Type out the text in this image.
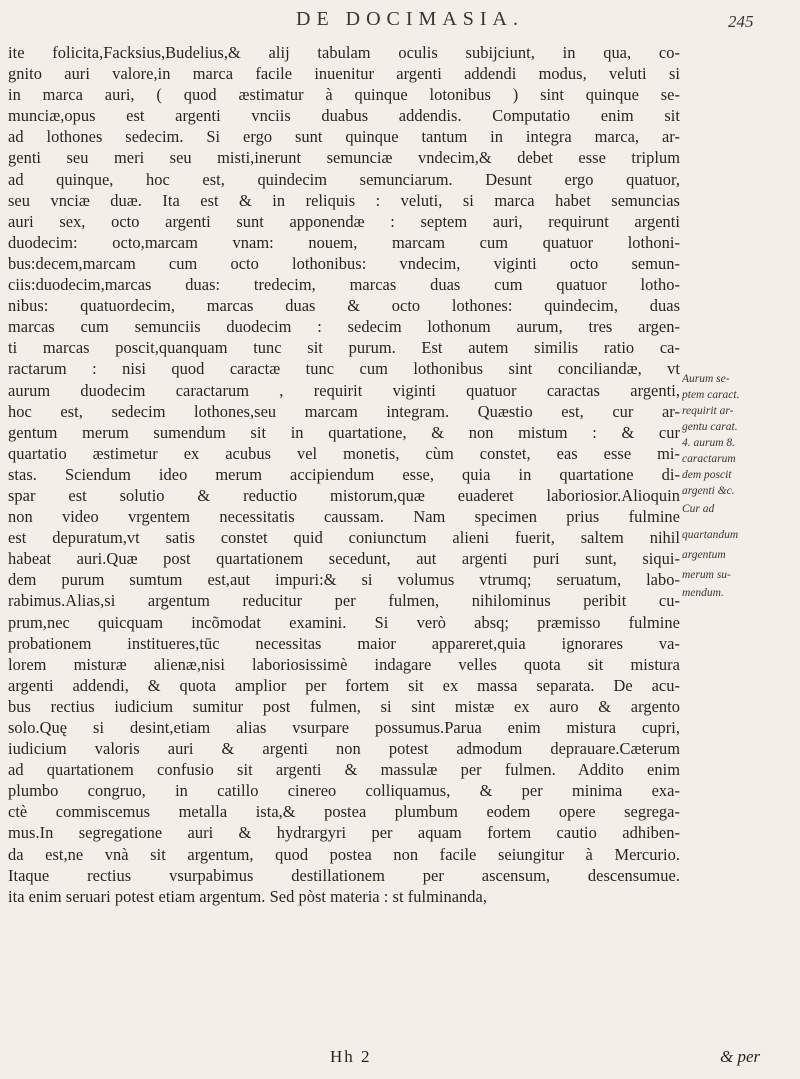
DE DOCIMASIA.	245
ite folicita,Facksius,Budelius,& alij tabulam oculis subijciunt, in qua, co-
gnito auri valore,in marca facile inuenitur argenti addendi modus, veluti si
in marca auri, ( quod æstimatur à quinque lotonibus ) sint quinque se-
munciæ,opus est argenti vnciis duabus addendis. Computatio enim sit
ad lothones sedecim. Si ergo sunt quinque tantum in integra marca, ar-
genti seu meri seu misti,inerunt semunciæ vndecim,& debet esse triplum
ad quinque, hoc est, quindecim semunciarum. Desunt ergo quatuor,
seu vnciæ duæ. Ita est & in reliquis : veluti, si marca habet semuncias
auri sex, octo argenti sunt apponendæ : septem auri, requirunt argenti
duodecim: octo,marcam vnam: nouem, marcam cum quatuor lothoni-
bus:decem,marcam cum octo lothonibus: vndecim, viginti octo semun-
ciis:duodecim,marcas duas: tredecim, marcas duas cum quatuor lotho-
nibus: quatuordecim, marcas duas & octo lothones: quindecim, duas
marcas cum semunciis duodecim : sedecim lothonum aurum, tres argen-
ti marcas poscit,quanquam tunc sit purum. Est autem similis ratio ca-
ractarum : nisi quod caractæ tunc cum lothonibus sint conciliandæ, vt
aurum duodecim caractarum , requirit viginti quatuor caractas argenti,
hoc est, sedecim lothones,seu marcam integram. Quæstio est, cur ar-
gentum merum sumendum sit in quartatione, & non mistum : & cur
quartatio æstimetur ex acubus vel monetis, cùm constet, eas esse mi-
stas. Sciendum ideo merum accipiendum esse, quia in quartatione di-
spar est solutio & reductio mistorum,quæ euaderet laboriosior.Alioquin
non video vrgentem necessitatis caussam. Nam specimen prius fulmine
est depuratum,vt satis constet quid coniunctum alieni fuerit, saltem nihil
habeat auri.Quæ post quartationem secedunt, aut argenti puri sunt, siqui-
dem purum sumtum est,aut impuri:& si volumus vtrumq; seruatum, labo-
rabimus.Alias,si argentum reducitur per fulmen, nihilominus peribit cu-
prum,nec quicquam incõmodat examini. Si verò absq; præmisso fulmine
probationem institueres,tūc necessitas maior appareret,quia ignorares va-
lorem misturæ alienæ,nisi laboriosissimè indagare velles quota sit mistura
argenti addendi, & quota amplior per fortem sit ex massa separata. De acu-
bus rectius iudicium sumitur post fulmen, si sint mistæ ex auro & argento
solo.Quę si desint,etiam alias vsurpare possumus.Parua enim mistura cupri,
iudicium valoris auri & argenti non potest admodum deprauare.Cæterum
ad quartationem confusio sit argenti & massulæ per fulmen. Addito enim
plumbo congruo, in catillo cinereo colliquamus, & per minima exa-
ctè commiscemus metalla ista,& postea plumbum eodem opere segrega-
mus.In segregatione auri & hydrargyri per aquam fortem cautio adhiben-
da est,ne vnà sit argentum, quod postea non facile seiungitur à Mercurio.
Itaque rectius vsurpabimus destillationem per ascensum, descensumue.
ita enim seruari potest etiam argentum. Sed pòst materia : st fulminanda,
Aurum se-
ptem caract.
requirit ar-
gentu carat.
4. aurum 8.
caractarum
dem poscit
argenti &c.
Cur ad
quartandum
argentum
merum su-
mendum.
Hh 2	& per
